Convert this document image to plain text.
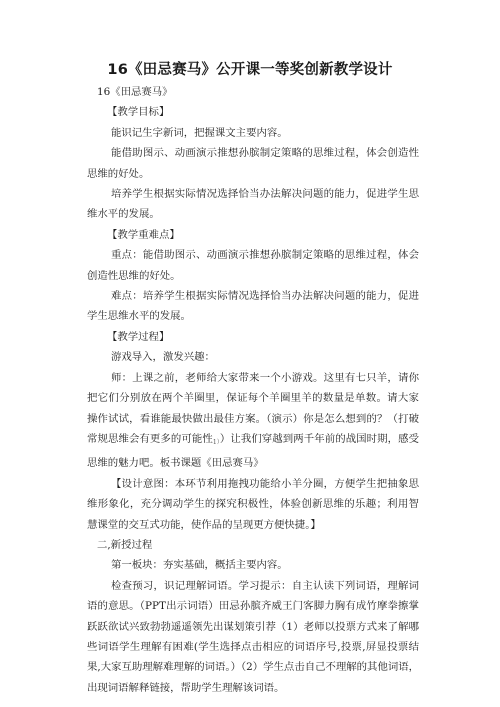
16《田忌赛马》公开课一等奖创新教学设计

16《田忌赛马》

【教学目标】

能识记生字新词，把握课文主要内容。

能借助图示、动画演示推想孙膑制定策略的思维过程，体会创造性思维的好处。

培养学生根据实际情况选择恰当办法解决问题的能力，促进学生思维水平的发展。

【教学重难点】

重点：能借助图示、动画演示推想孙膑制定策略的思维过程，体会创造性思维的好处。

难点：培养学生根据实际情况选择恰当办法解决问题的能力，促进学生思维水平的发展。

【教学过程】

游戏导入，激发兴趣：

师：上课之前，老师给大家带来一个小游戏。这里有七只羊，请你把它们分别放在两个羊圈里，保证每个羊圈里羊的数量是单数。请大家操作试试，看谁能最快做出最佳方案。（演示）你是怎么想到的？（打破常规思维会有更多的可能性$_{1)}$）让我们穿越到两千年前的战国时期，感受思维的魅力吧。板书课题《田忌赛马》

【设计意图：本环节利用拖拽功能给小羊分圈，方便学生把抽象思维形象化，充分调动学生的探究积极性，体验创新思维的乐趣；利用智慧课堂的交互式功能，使作品的呈现更方便快捷。】

二,新授过程

第一板块：夯实基础，概括主要内容。

检查预习，识记理解词语。学习提示：自主认读下列词语，理解词语的意思。（PPT出示词语）田忌孙膑齐威王门客脚力胸有成竹摩拳擦掌跃跃欲试兴致勃勃遥遥领先出谋划策引荐（1）老师以投票方式来了解哪些词语学生理解有困难(学生选择点击相应的词语序号,投票,屏显投票结果,大家互助理解难理解的词语。）（2）学生点击自己不理解的其他词语，出现词语解释链接，帮助学生理解该词语。
